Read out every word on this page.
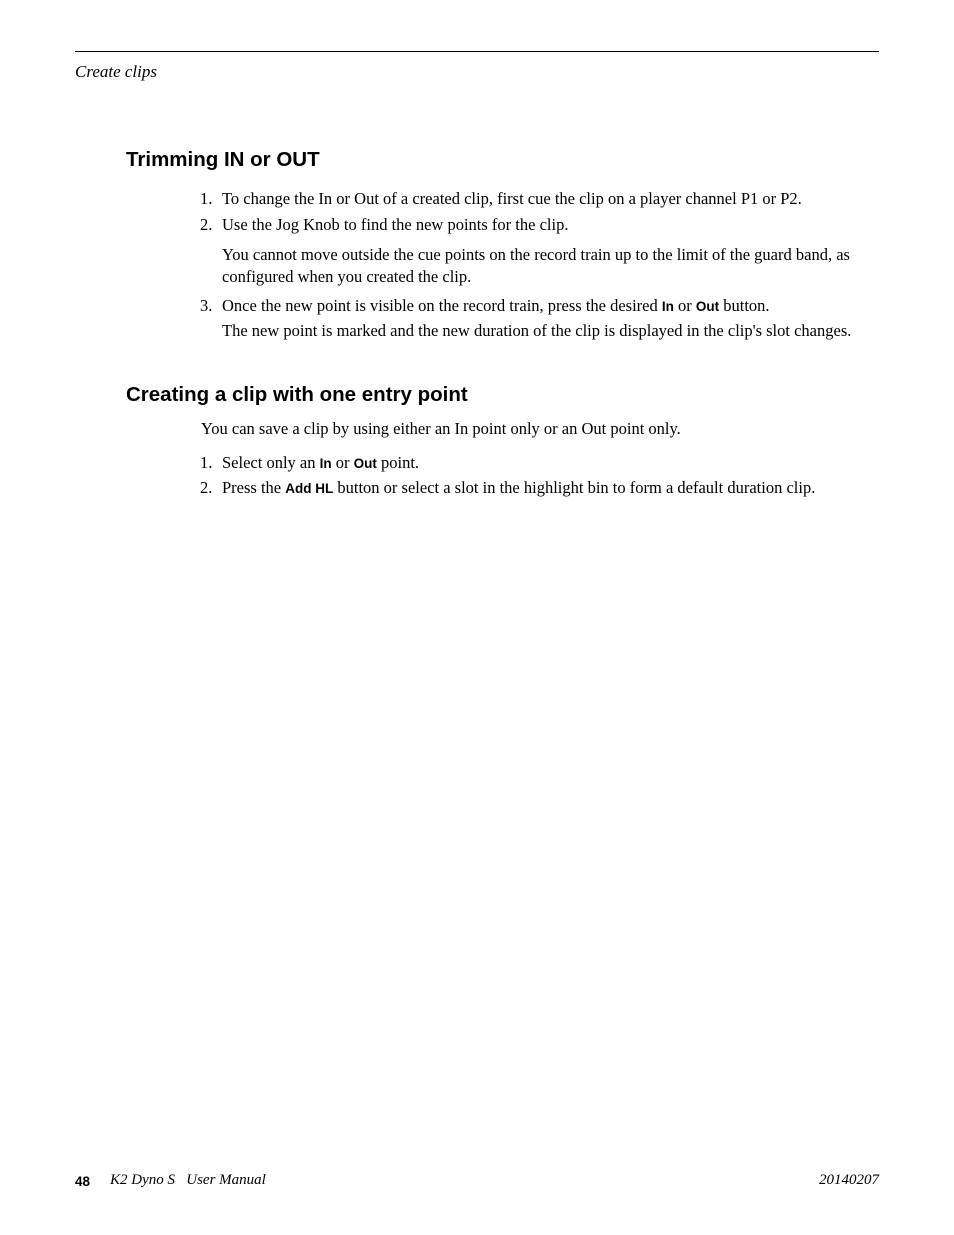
Create clips
Trimming IN or OUT
1. To change the In or Out of a created clip, first cue the clip on a player channel P1 or P2.
2. Use the Jog Knob to find the new points for the clip.
You cannot move outside the cue points on the record train up to the limit of the guard band, as
configured when you created the clip.
3. Once the new point is visible on the record train, press the desired In or Out button.
The new point is marked and the new duration of the clip is displayed in the clip's slot changes.
Creating a clip with one entry point
You can save a clip by using either an In point only or an Out point only.
1. Select only an In or Out point.
2. Press the Add HL button or select a slot in the highlight bin to form a default duration clip.
48 K2 Dyno S   User Manual	20140207
